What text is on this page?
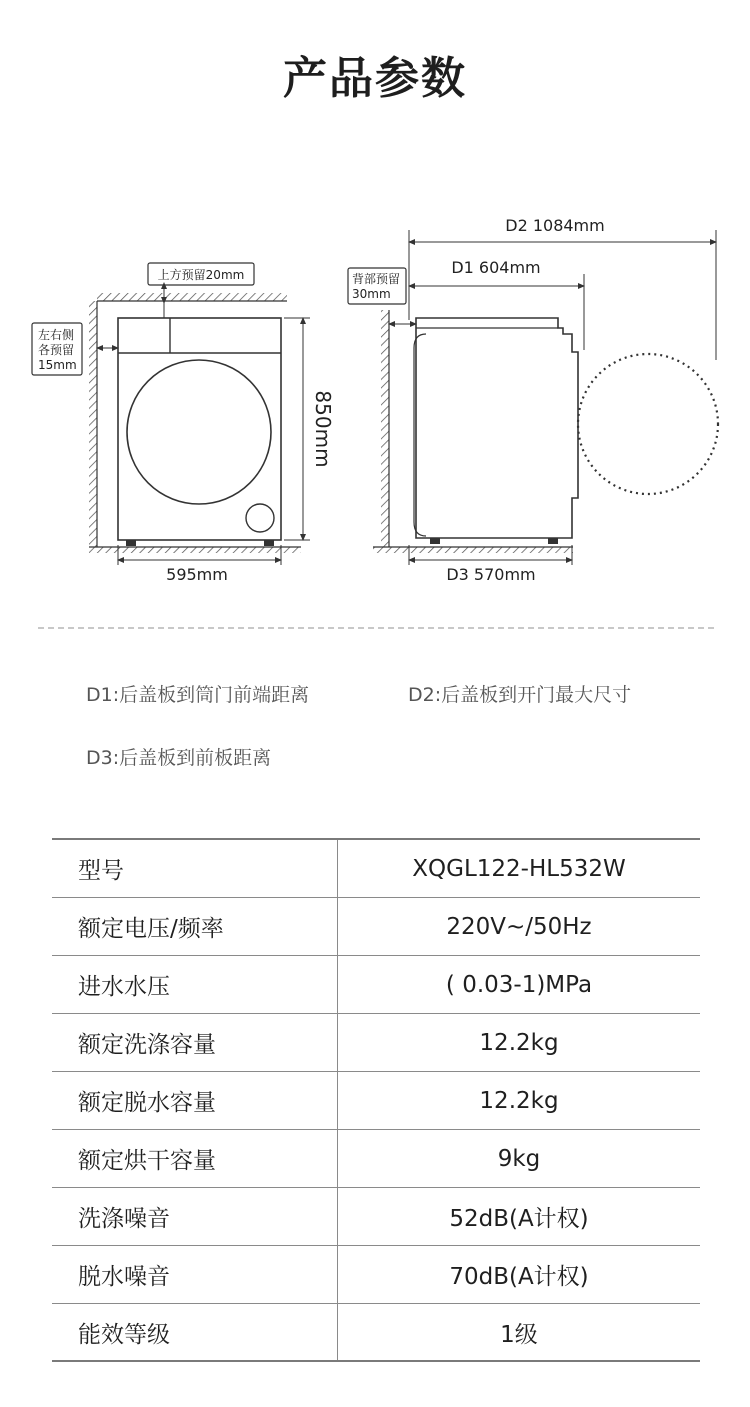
产品参数
上方预留20mm
左右侧
各预留
15mm
850mm
595mm
背部预留
30mm
D2 1084mm
D1 604mm
D3 570mm
D1:后盖板到筒门前端距离	D2:后盖板到开门最大尺寸
D3:后盖板到前板距离
型号	XQGL122-HL532W
额定电压/频率	220V~/50Hz
进水水压	( 0.03-1)MPa
额定洗涤容量	12.2kg
额定脱水容量	12.2kg
额定烘干容量	9kg
洗涤噪音	52dB(A计权)
脱水噪音	70dB(A计权)
能效等级	1级
